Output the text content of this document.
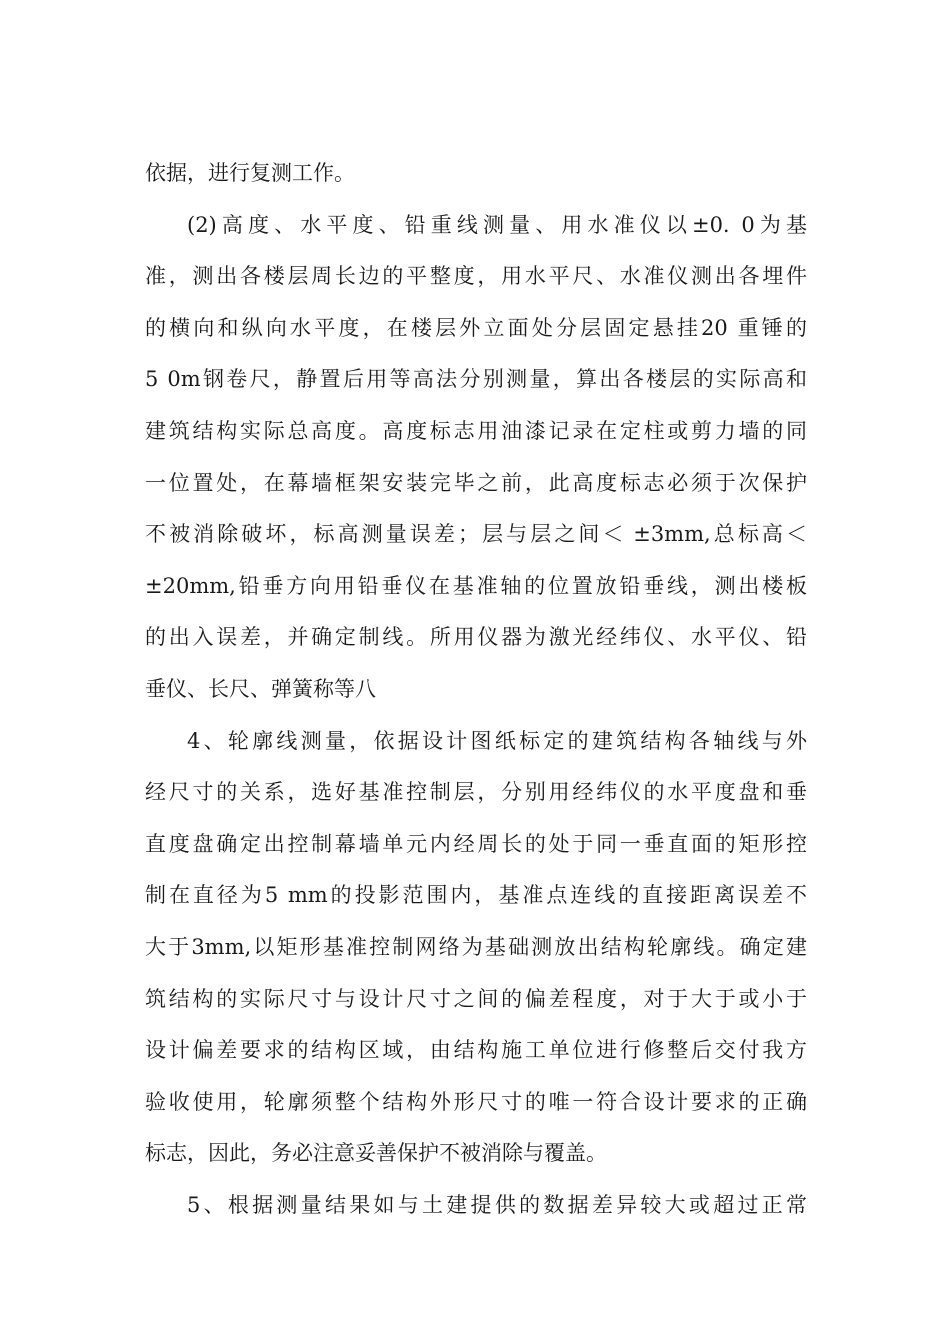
依据，进行复测工作。
(2)高度、水平度、铅重线测量、用水准仪以±0. 0为基
准，测出各楼层周长边的平整度，用水平尺、水准仪测出各埋件
的横向和纵向水平度，在楼层外立面处分层固定悬挂20 重锤的
5 0m钢卷尺，静置后用等高法分别测量，算出各楼层的实际高和
建筑结构实际总高度。高度标志用油漆记录在定柱或剪力墙的同
一位置处，在幕墙框架安装完毕之前，此高度标志必须于次保护
不被消除破坏，标高测量误差；层与层之间＜ ±3mm,总标高＜
±20mm,铅垂方向用铅垂仪在基准轴的位置放铅垂线，测出楼板
的出入误差，并确定制线。所用仪器为激光经纬仪、水平仪、铅
垂仪、长尺、弹簧称等八
4、轮廓线测量，依据设计图纸标定的建筑结构各轴线与外
经尺寸的关系，选好基准控制层，分别用经纬仪的水平度盘和垂
直度盘确定出控制幕墙单元内经周长的处于同一垂直面的矩形控
制在直径为5 mm的投影范围内，基准点连线的直接距离误差不
大于3mm,以矩形基准控制网络为基础测放出结构轮廓线。确定建
筑结构的实际尺寸与设计尺寸之间的偏差程度，对于大于或小于
设计偏差要求的结构区域，由结构施工单位进行修整后交付我方
验收使用，轮廓须整个结构外形尺寸的唯一符合设计要求的正确
标志，因此，务必注意妥善保护不被消除与覆盖。
5、根据测量结果如与土建提供的数据差异较大或超过正常
